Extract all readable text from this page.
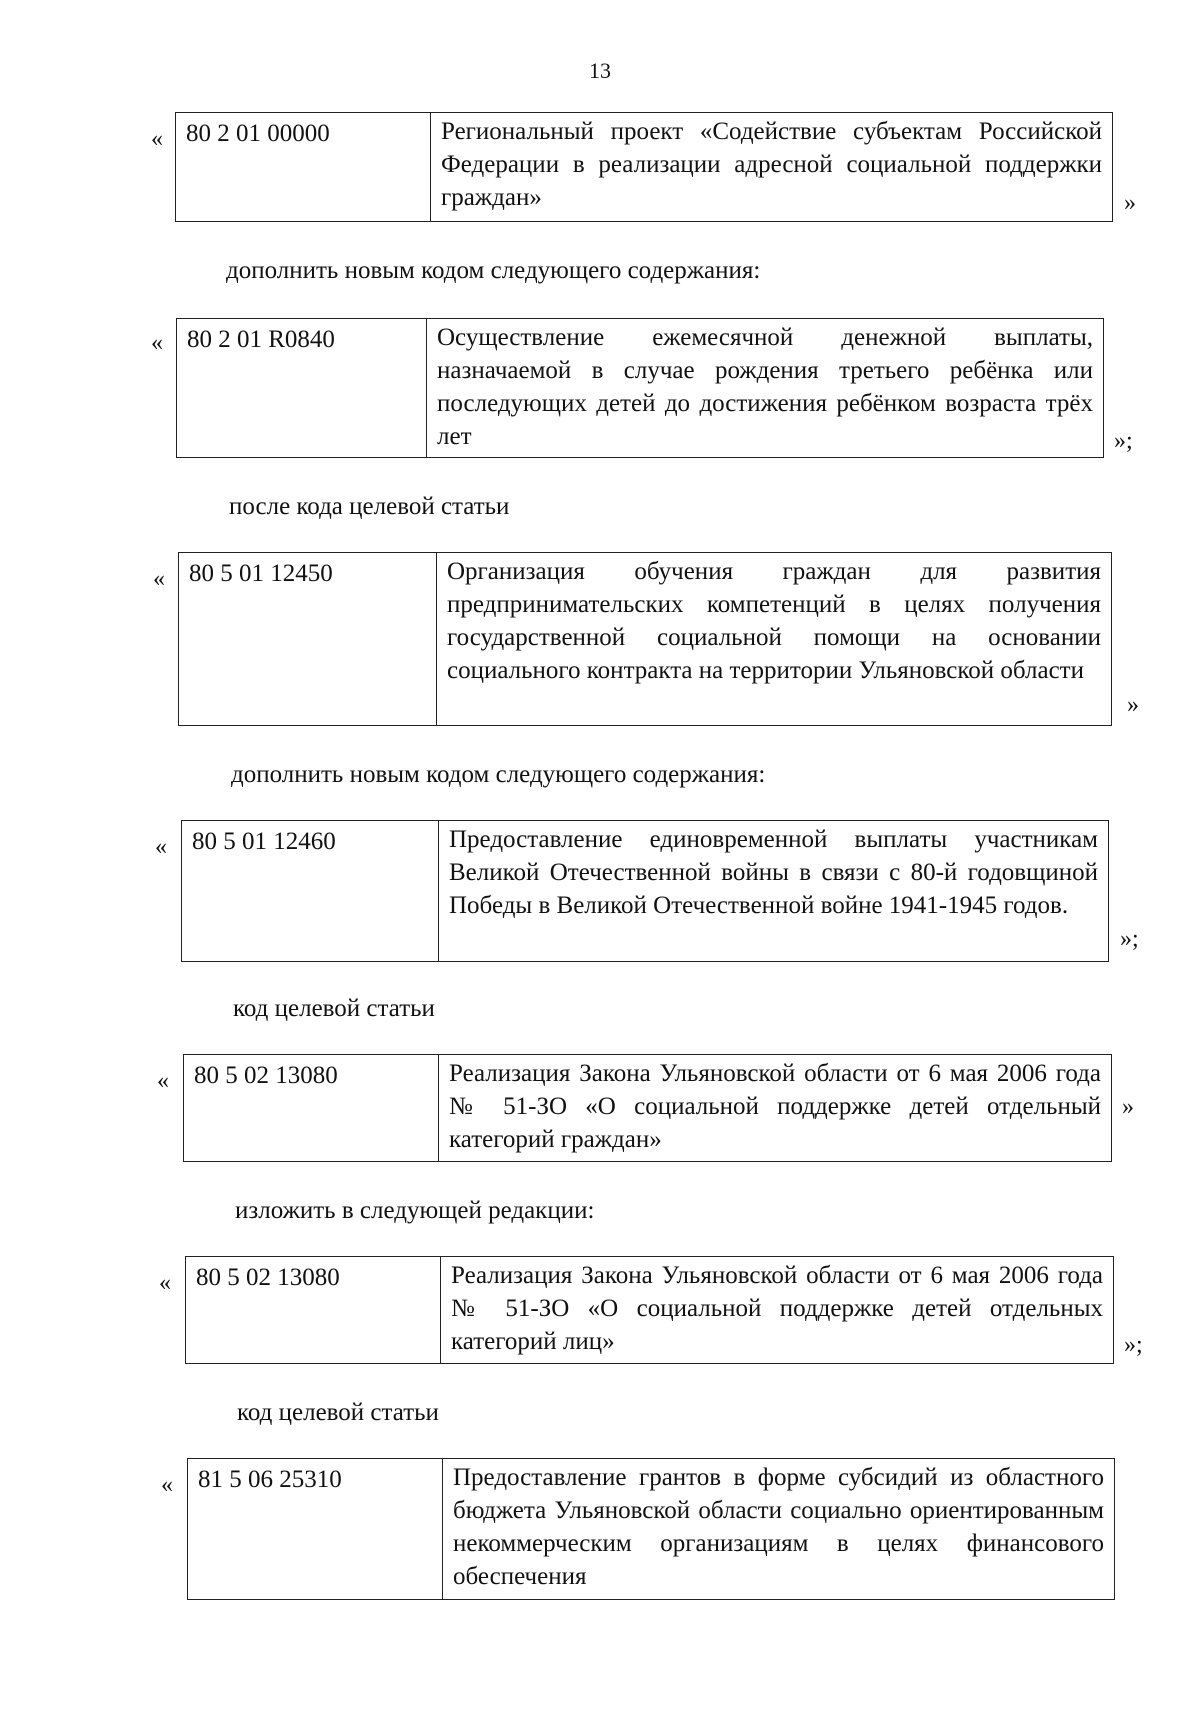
13
« 80 2 01 00000	Региональный проект «Содействие субъектам Российской Федерации в реализации адресной социальной поддержки граждан»	»
дополнить новым кодом следующего содержания:
« 80 2 01 R0840	Осуществление ежемесячной денежной выплаты, назначаемой в случае рождения третьего ребёнка или последующих детей до достижения ребёнком возраста трёх лет	»;
после кода целевой статьи
« 80 5 01 12450	Организация обучения граждан для развития предпринимательских компетенций в целях получения государственной социальной помощи на основании социального контракта на территории Ульяновской области
»
дополнить новым кодом следующего содержания:
«	80 5 01 12460	Предоставление единовременной выплаты участникам Великой Отечественной войны в связи с 80-й годовщиной Победы в Великой Отечественной войне 1941-1945 годов.
»;
код целевой статьи
«	80 5 02 13080	Реализация Закона Ульяновской области от 6 мая 2006 года № 51-ЗО «О социальной поддержке детей отдельный категорий граждан»
»
изложить в следующей редакции:
«	80 5 02 13080	Реализация Закона Ульяновской области от 6 мая 2006 года № 51-ЗО «О социальной поддержке детей отдельных категорий лиц»	»;
код целевой статьи
«	81 5 06 25310	Предоставление грантов в форме субсидий из областного бюджета Ульяновской области социально ориентированным некоммерческим организациям в целях финансового обеспечения
